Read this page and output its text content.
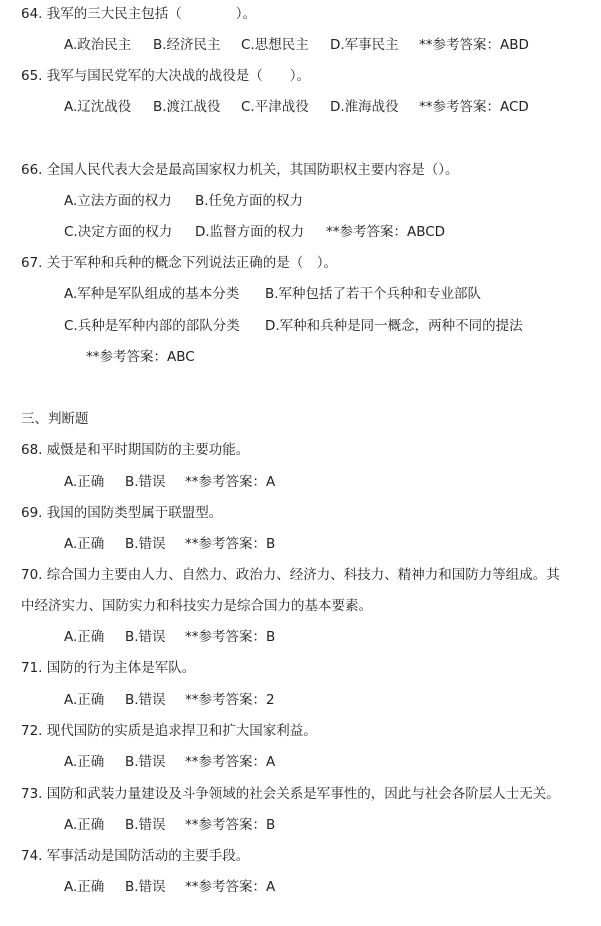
64. 我军的三大民主包括（　　　　）。
A.政治民主 B.经济民主 C.思想民主 D.军事民主 **参考答案：ABD
65. 我军与国民党军的大决战的战役是（　　）。
A.辽沈战役 B.渡江战役 C.平津战役 D.淮海战役 **参考答案：ACD
66. 全国人民代表大会是最高国家权力机关，其国防职权主要内容是（）。
A.立法方面的权力 B.任免方面的权力
C.决定方面的权力 D.监督方面的权力 **参考答案：ABCD
67. 关于军种和兵种的概念下列说法正确的是（　）。
A.军种是军队组成的基本分类 B.军种包括了若干个兵种和专业部队
C.兵种是军种内部的部队分类 D.军种和兵种是同一概念，两种不同的提法
**参考答案：ABC
三、判断题
68. 威慑是和平时期国防的主要功能。
A.正确 B.错误 **参考答案：A
69. 我国的国防类型属于联盟型。
A.正确 B.错误 **参考答案：B
70. 综合国力主要由人力、自然力、政治力、经济力、科技力、精神力和国防力等组成。其
中经济实力、国防实力和科技实力是综合国力的基本要素。
A.正确 B.错误 **参考答案：B
71. 国防的行为主体是军队。
A.正确 B.错误 **参考答案：2
72. 现代国防的实质是追求捍卫和扩大国家利益。
A.正确 B.错误 **参考答案：A
73. 国防和武装力量建设及斗争领域的社会关系是军事性的，因此与社会各阶层人士无关。
A.正确 B.错误 **参考答案：B
74. 军事活动是国防活动的主要手段。
A.正确 B.错误 **参考答案：A
